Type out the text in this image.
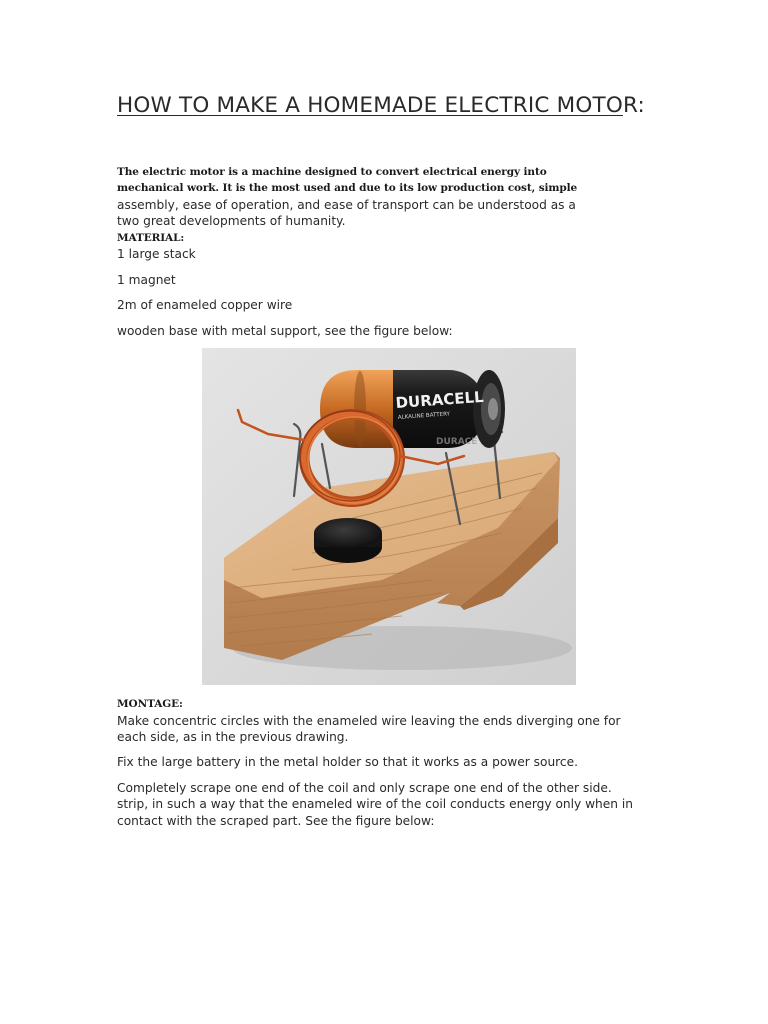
HOW TO MAKE A HOMEMADE ELECTRIC MOTOR:

The electric motor is a machine designed to convert electrical energy into

mechanical work. It is the most used and due to its low production cost, simple

assembly, ease of operation, and ease of transport can be understood as a

two great developments of humanity.

MATERIAL:

1 large stack

1 magnet

2m of enameled copper wire

wooden base with metal support, see the figure below:

DURACELL
ALKALINE BATTERY
DURACE

MONTAGE:

Make concentric circles with the enameled wire leaving the ends diverging one for

each side, as in the previous drawing.

Fix the large battery in the metal holder so that it works as a power source.

Completely scrape one end of the coil and only scrape one end of the other side.

strip, in such a way that the enameled wire of the coil conducts energy only when in

contact with the scraped part. See the figure below:
